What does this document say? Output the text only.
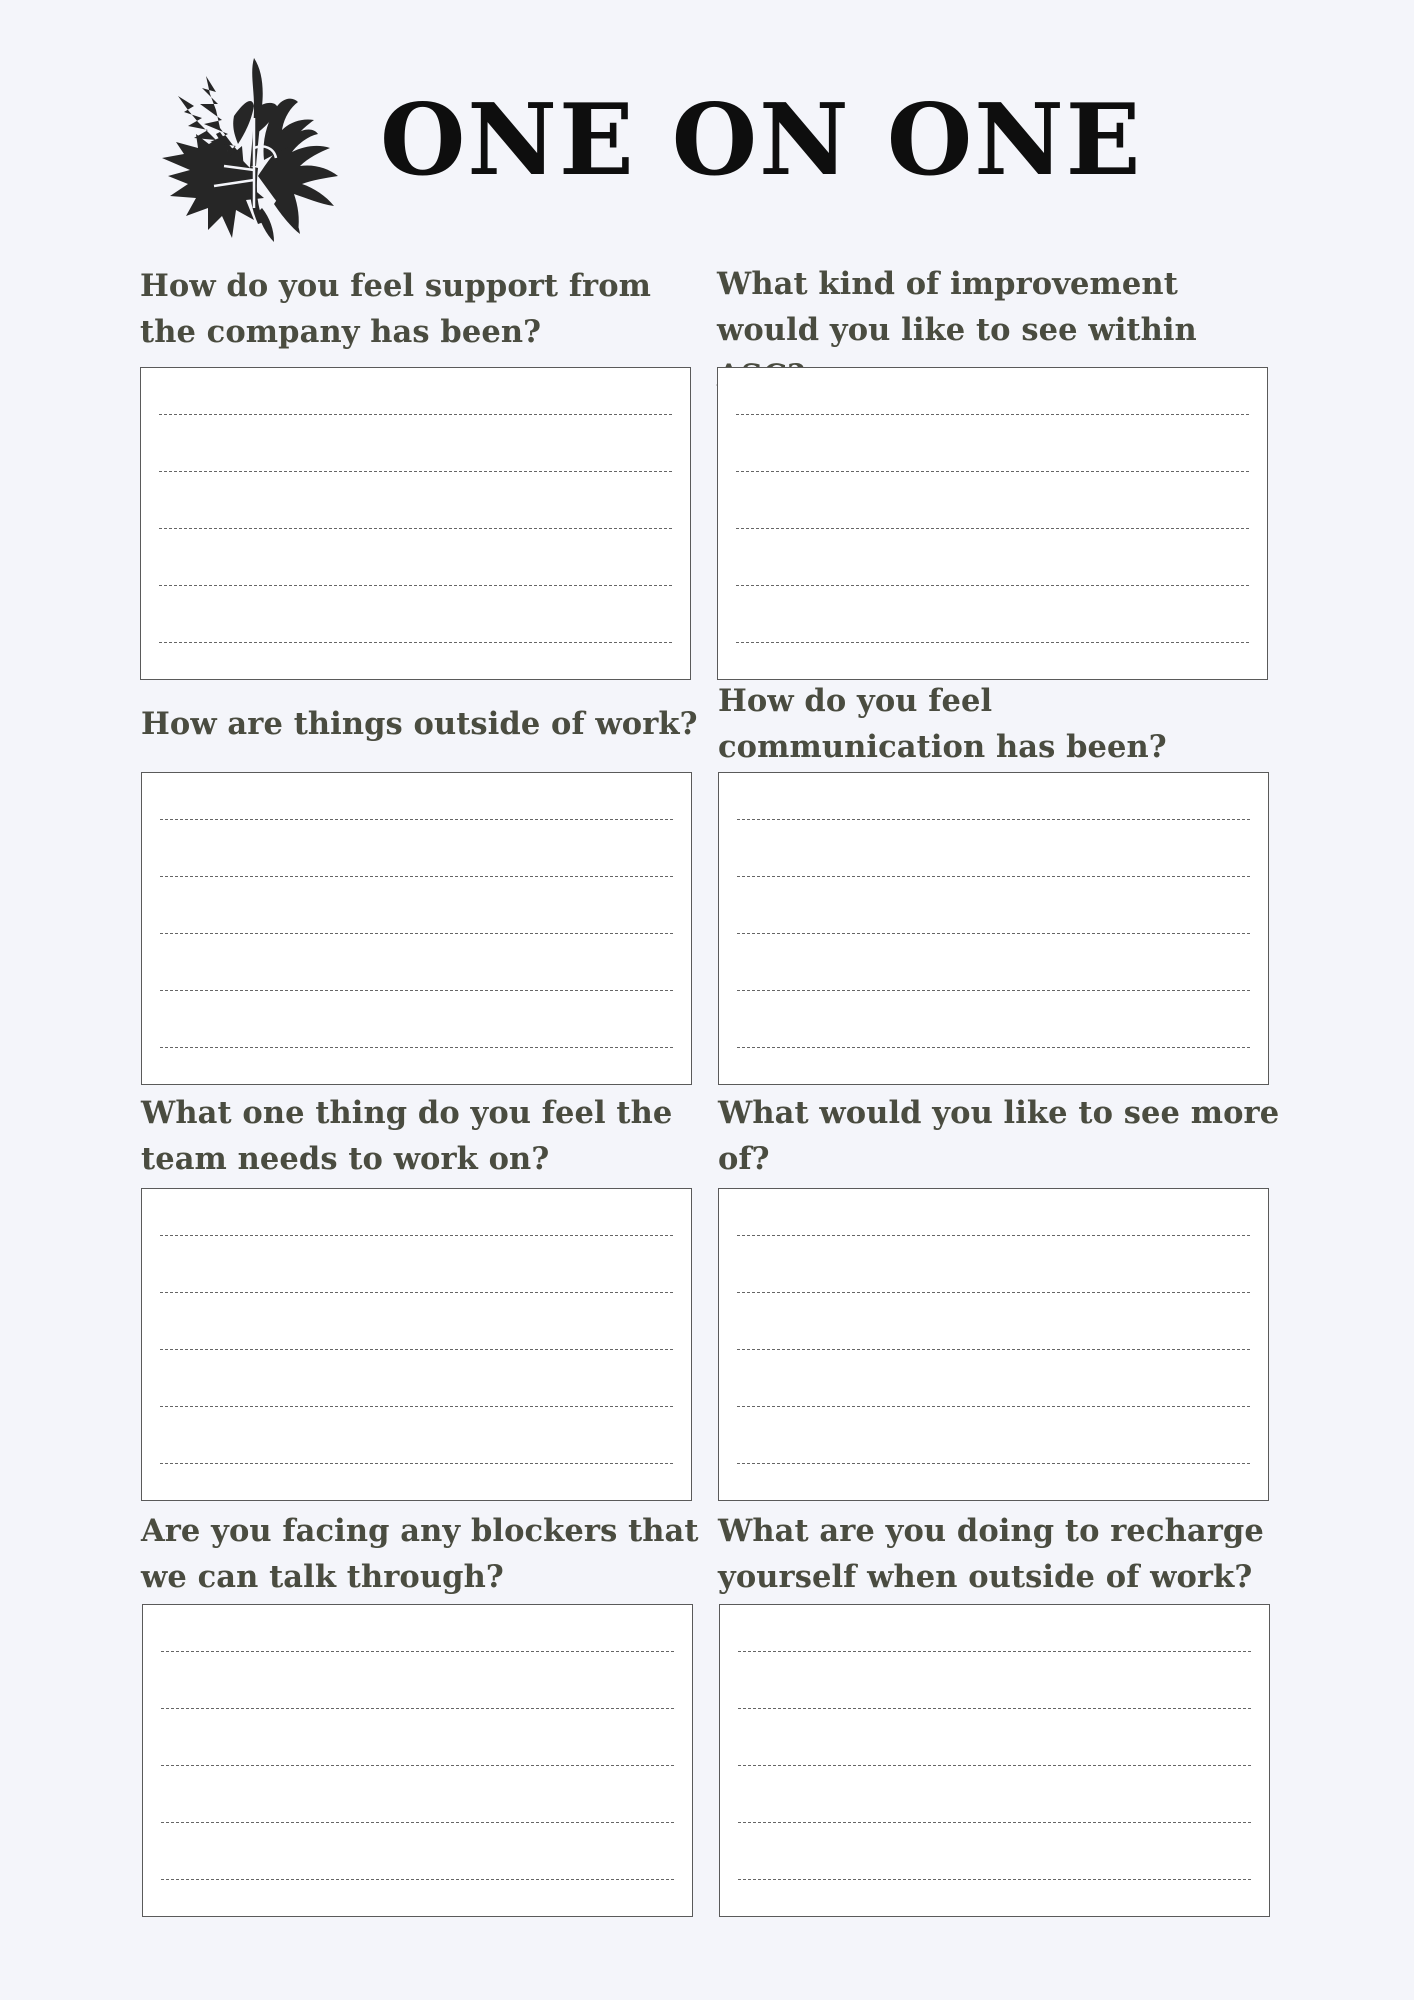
ONE ON ONE

How do you feel support from the company has been?

What kind of improvement would you like to see within

How are things outside of work?

How do you feel communication has been?

What one thing do you feel the team needs to work on?

What would you like to see more of?

Are you facing any blockers that we can talk through?

What are you doing to recharge yourself when outside of work?
